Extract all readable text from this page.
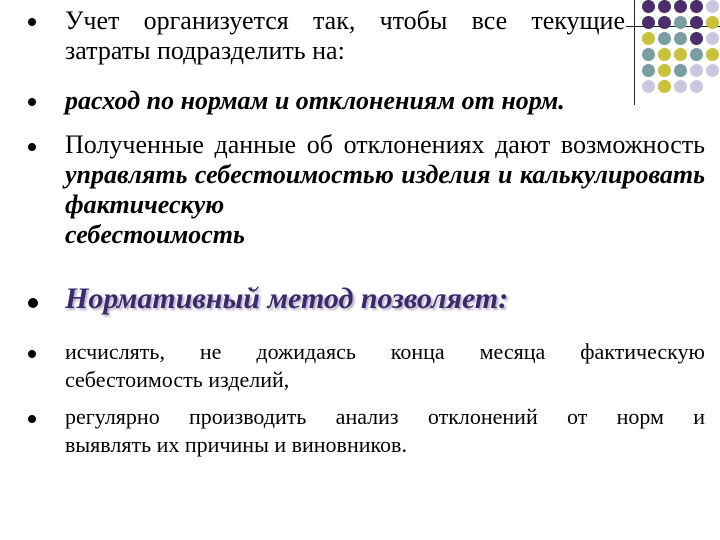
Учет организуется так, чтобы все текущие
затраты подразделить на:

расход по нормам и отклонениям от норм.

Полученные данные об отклонениях дают возможность управлять себестоимостью изделия и калькулировать фактическую
себестоимость

Нормативный метод позволяет:

исчислять, не дожидаясь конца месяца фактическую
себестоимость изделий,

регулярно производить анализ отклонений от норм и
выявлять их причины и виновников.
